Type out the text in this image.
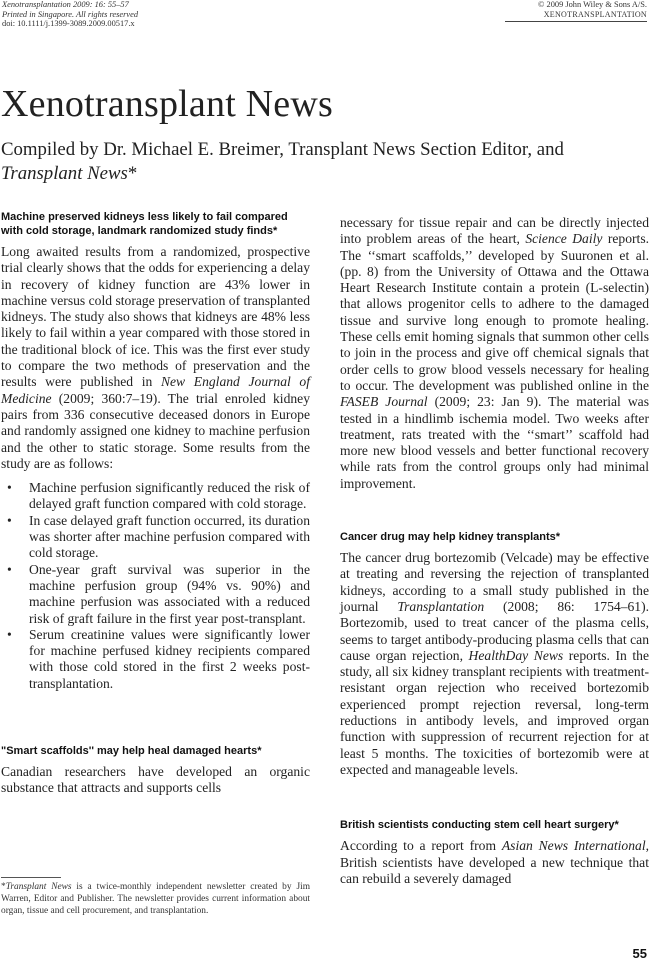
Xenotransplantation 2009: 16: 55–57
Printed in Singapore. All rights reserved
doi: 10.1111/j.1399-3089.2009.00517.x
© 2009 John Wiley & Sons A/S.
XENOTRANSPLANTATION
Xenotransplant News
Compiled by Dr. Michael E. Breimer, Transplant News Section Editor, and Transplant News*
Machine preserved kidneys less likely to fail compared with cold storage, landmark randomized study finds*

Long awaited results from a randomized, prospective trial clearly shows that the odds for experiencing a delay in recovery of kidney function are 43% lower in machine versus cold storage preservation of transplanted kidneys. The study also shows that kidneys are 48% less likely to fail within a year compared with those stored in the traditional block of ice. This was the first ever study to compare the two methods of preservation and the results were published in New England Journal of Medicine (2009; 360:7–19). The trial enroled kidney pairs from 336 consecutive deceased donors in Europe and randomly assigned one kidney to machine perfusion and the other to static storage. Some results from the study are as follows:

• Machine perfusion significantly reduced the risk of delayed graft function compared with cold storage.
• In case delayed graft function occurred, its duration was shorter after machine perfusion compared with cold storage.
• One-year graft survival was superior in the machine perfusion group (94% vs. 90%) and machine perfusion was associated with a reduced risk of graft failure in the first year post-transplant.
• Serum creatinine values were significantly lower for machine perfused kidney recipients compared with those cold stored in the first 2 weeks post-transplantation.
"Smart scaffolds'' may help heal damaged hearts*

Canadian researchers have developed an organic substance that attracts and supports cells

necessary for tissue repair and can be directly injected into problem areas of the heart, Science Daily reports. The ‘‘smart scaffolds,’’ developed by Suuronen et al. (pp. 8) from the University of Ottawa and the Ottawa Heart Research Institute contain a protein (L-selectin) that allows progenitor cells to adhere to the damaged tissue and survive long enough to promote healing. These cells emit homing signals that summon other cells to join in the process and give off chemical signals that order cells to grow blood vessels necessary for healing to occur. The development was published online in the FASEB Journal (2009; 23: Jan 9). The material was tested in a hindlimb ischemia model. Two weeks after treatment, rats treated with the ‘‘smart’’ scaffold had more new blood vessels and better functional recovery while rats from the control groups only had minimal improvement.

Cancer drug may help kidney transplants*

The cancer drug bortezomib (Velcade) may be effective at treating and reversing the rejection of transplanted kidneys, according to a small study published in the journal Transplantation (2008; 86: 1754–61). Bortezomib, used to treat cancer of the plasma cells, seems to target antibody-producing plasma cells that can cause organ rejection, HealthDay News reports. In the study, all six kidney transplant recipients with treatment-resistant organ rejection who received bortezomib experienced prompt rejection reversal, long-term reductions in antibody levels, and improved organ function with suppression of recurrent rejection for at least 5 months. The toxicities of bortezomib were at expected and manageable levels.

British scientists conducting stem cell heart surgery*

According to a report from Asian News International, British scientists have developed a new technique that can rebuild a severely damaged

*Transplant News is a twice-monthly independent newsletter created by Jim Warren, Editor and Publisher. The newsletter provides current information about organ, tissue and cell procurement, and transplantation.
55
